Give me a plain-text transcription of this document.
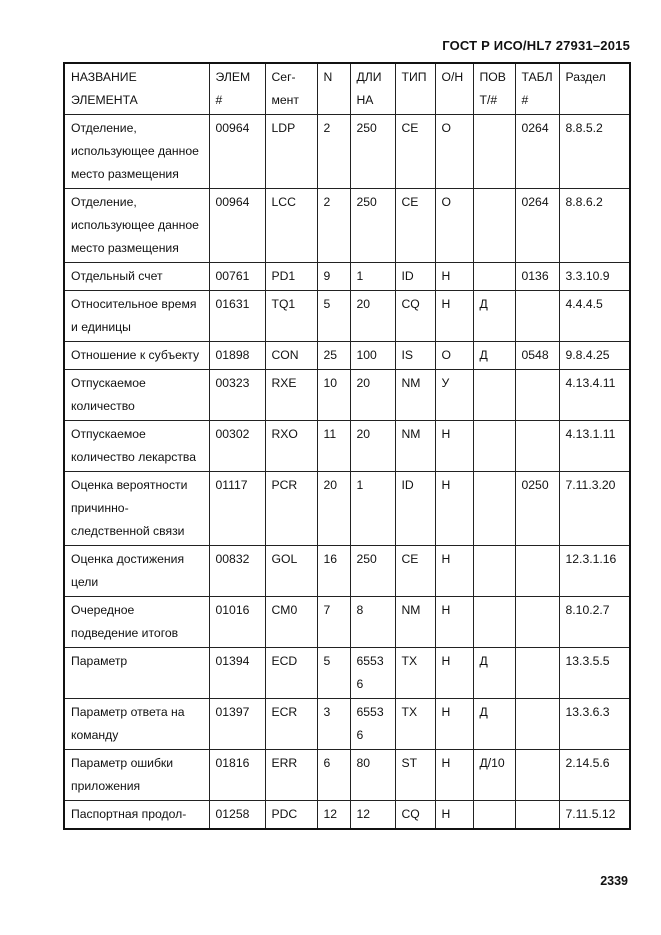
ГОСТ Р ИСО/HL7 27931–2015
НАЗВАНИЕ ЭЛЕМЕНТА	ЭЛЕМ #	Сегмент	N	ДЛИНА	ТИП	О/Н	ПОВТ/#	ТАБЛ#	Раздел
Отделение, использующее данное место размещения	00964	LDP	2	250	CE	О		0264	8.8.5.2
Отделение, использующее данное место размещения	00964	LCC	2	250	CE	О		0264	8.8.6.2
Отдельный счет	00761	PD1	9	1	ID	Н		0136	3.3.10.9
Относительное время и единицы	01631	TQ1	5	20	CQ	Н	Д		4.4.4.5
Отношение к субъекту	01898	CON	25	100	IS	О	Д	0548	9.8.4.25
Отпускаемое количество	00323	RXE	10	20	NM	У			4.13.4.11
Отпускаемое количество лекарства	00302	RXO	11	20	NM	Н			4.13.1.11
Оценка вероятности причинно-следственной связи	01117	PCR	20	1	ID	Н		0250	7.11.3.20
Оценка достижения цели	00832	GOL	16	250	CE	Н			12.3.1.16
Очередное подведение итогов	01016	CM0	7	8	NM	Н			8.10.2.7
Параметр	01394	ECD	5	65536	TX	Н	Д		13.3.5.5
Параметр ответа на команду	01397	ECR	3	65536	TX	Н	Д		13.3.6.3
Параметр ошибки приложения	01816	ERR	6	80	ST	Н	Д/10		2.14.5.6
Паспортная продол-	01258	PDC	12	12	CQ	Н			7.11.5.12
2339
